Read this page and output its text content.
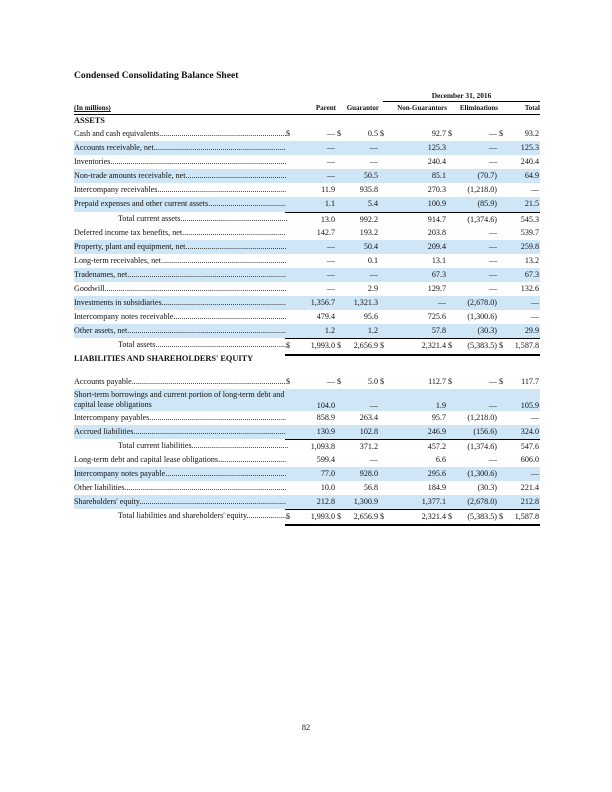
Condensed Consolidating Balance Sheet
December 31, 2016
(In millions)	Parent	Guarantor	Non-Guarantors	Eliminations	Total
ASSETS
Cash and cash equivalents .....	$	— $	0.5 $	92.7 $	— $	93.2
Accounts receivable, net .....	—	—	125.3	—	125.3
Inventories .....	—	—	240.4	—	240.4
Non-trade amounts receivable, net .....	—	50.5	85.1	(70.7)	64.9
Intercompany receivables .....	11.9	935.8	270.3	(1,218.0)	—
Prepaid expenses and other current assets .....	1.1	5.4	100.9	(85.9)	21.5
Total current assets .....	13.0	992.2	914.7	(1,374.6)	545.3
Deferred income tax benefits, net .....	142.7	193.2	203.8	—	539.7
Property, plant and equipment, net .....	—	50.4	209.4	—	259.8
Long-term receivables, net .....	—	0.1	13.1	—	13.2
Tradenames, net .....	—	—	67.3	—	67.3
Goodwill .....	—	2.9	129.7	—	132.6
Investments in subsidiaries .....	1,356.7 1,321.3	—	(2,678.0)	—
Intercompany notes receivable .....	479.4	95.6	725.6	(1,300.6)	—
Other assets, net .....	1.2	1.2	57.8	(30.3)	29.9
Total assets .....	$	1,993.0 $ 2,656.9 $	2,321.4 $ (5,383.5) $ 1,587.8
LIABILITIES AND SHAREHOLDERS' EQUITY
Accounts payable .....	$	— $	5.0 $	112.7 $	— $ 117.7
Short-term borrowings and current portion of long-term debt and capital lease obligations	104.0	—	1.9	—	105.9
Intercompany payables .....	858.9	263.4	95.7	(1,218.0)	—
Accrued liabilities .....	130.9	102.8	246.9	(156.6)	324.0
Total current liabilities .....	1,093.8	371.2	457.2	(1,374.6)	547.6
Long-term debt and capital lease obligations .....	599.4	—	6.6	—	606.0
Intercompany notes payable .....	77.0	928.0	295.6	(1,300.6)	—
Other liabilities .....	10.0	56.8	184.9	(30.3)	221.4
Shareholders' equity .....	212.8 1,300.9	1,377.1	(2,678.0)	212.8
Total liabilities and shareholders' equity .....	$	1,993.0 $ 2,656.9 $	2,321.4 $ (5,383.5) $ 1,587.8
82
